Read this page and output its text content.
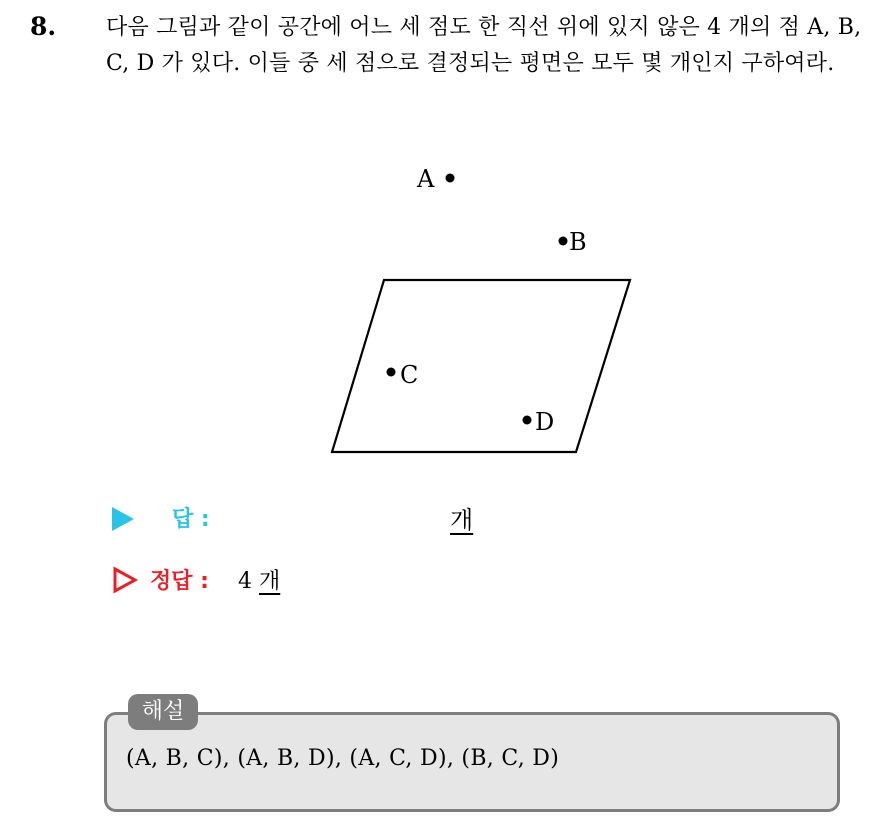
8. 다음 그림과 같이 공간에 어느 세 점도 한 직선 위에 있지 않은 4 개의 점 A, B, C, D 가 있다. 이들 중 세 점으로 결정되는 평면은 모두 몇 개인지 구하여라.
A
B
C
D
답 :	개
정답 : 4 개
해설
(A, B, C), (A, B, D), (A, C, D), (B, C, D)
